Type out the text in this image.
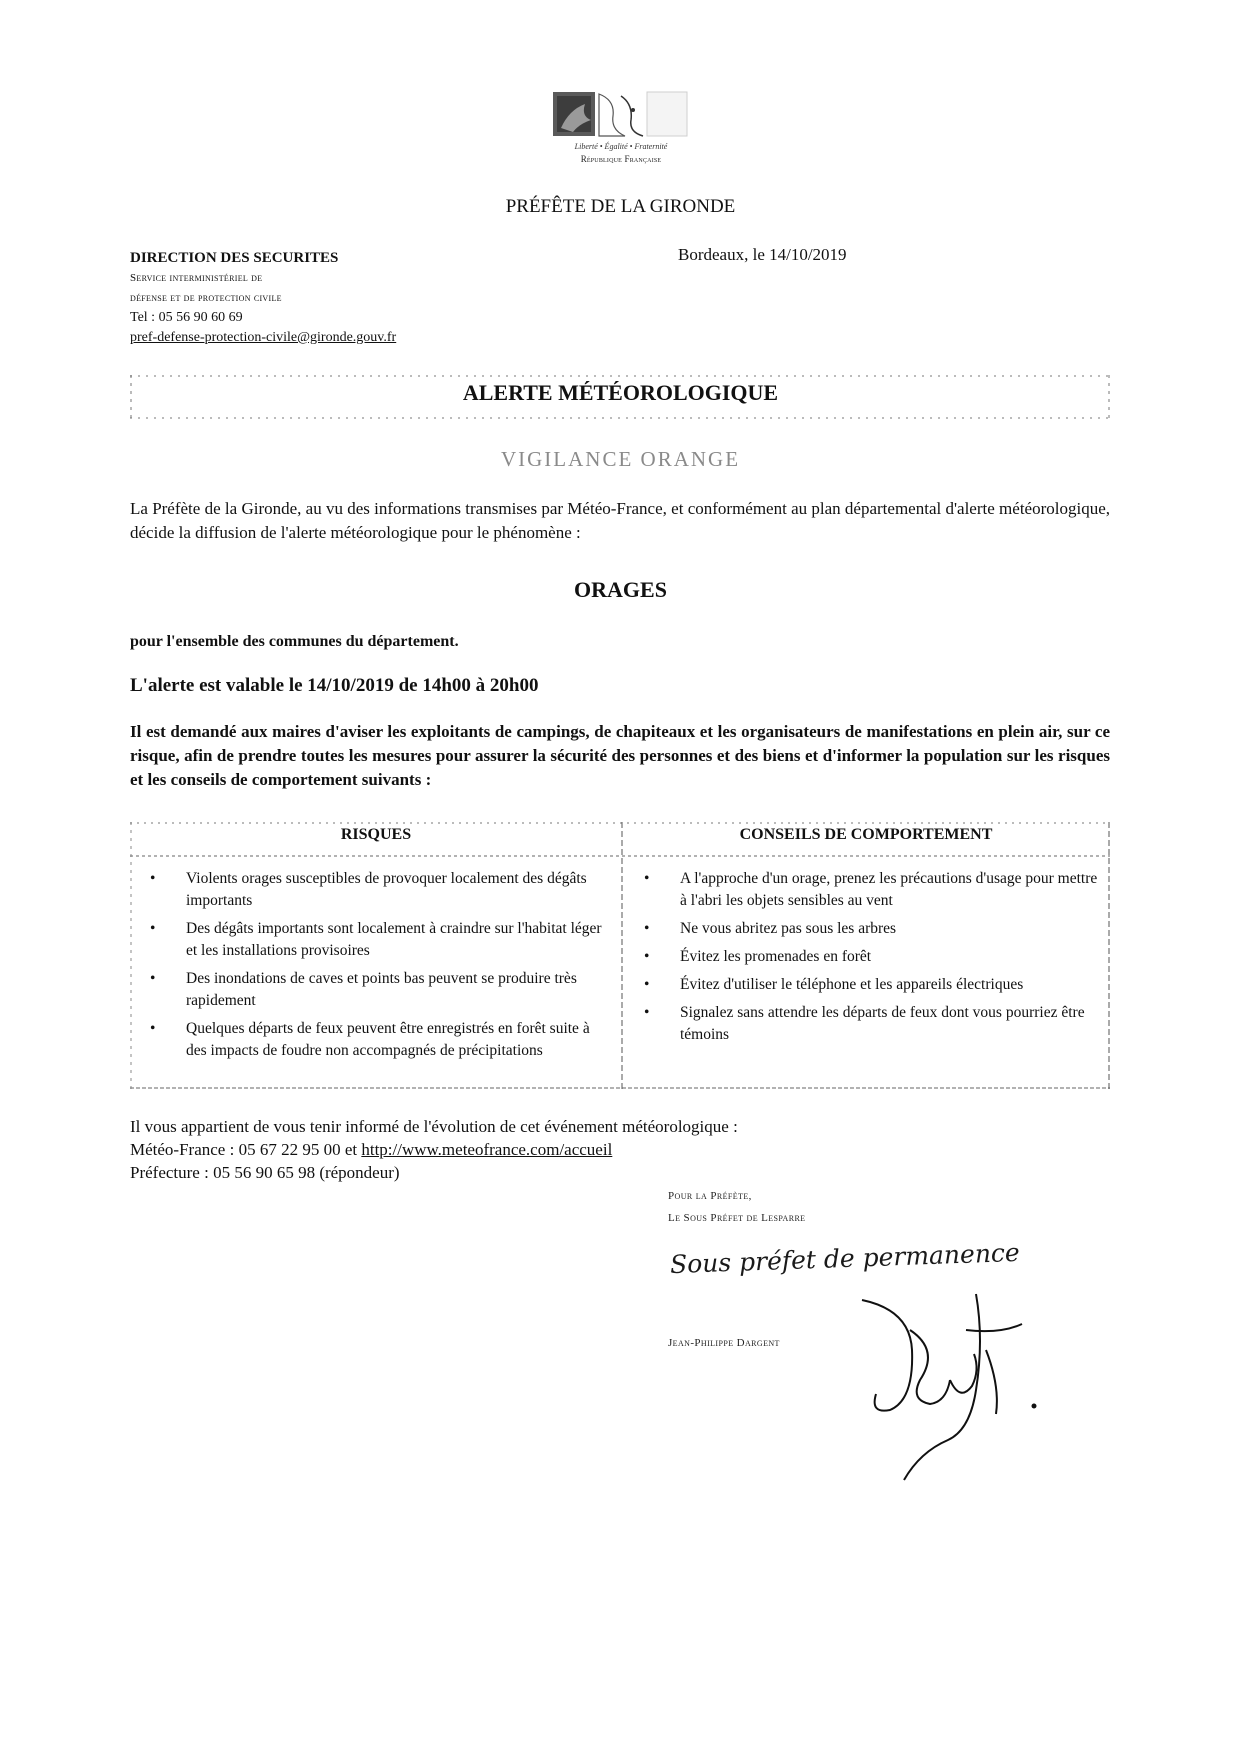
Liberté • Égalité • Fraternité
République Française
PRÉFÊTE DE LA GIRONDE
DIRECTION DES SECURITES
Service interministériel de
défense et de protection civile
Tel : 05 56 90 60 69
pref-defense-protection-civile@gironde.gouv.fr
Bordeaux, le 14/10/2019
ALERTE MÉTÉOROLOGIQUE
VIGILANCE ORANGE
La Préfète de la Gironde, au vu des informations transmises par Météo-France, et conformément au plan départemental d'alerte météorologique, décide la diffusion de l'alerte météorologique pour le phénomène :
ORAGES
pour l'ensemble des communes du département.
L'alerte est valable le 14/10/2019 de 14h00 à 20h00
Il est demandé aux maires d'aviser les exploitants de campings, de chapiteaux et les organisateurs de manifestations en plein air, sur ce risque, afin de prendre toutes les mesures pour assurer la sécurité des personnes et des biens et d'informer la population sur les risques et les conseils de comportement suivants :
RISQUES	CONSEILS DE COMPORTEMENT
• Violents orages susceptibles de provoquer localement des dégâts importants
• Des dégâts importants sont localement à craindre sur l'habitat léger et les installations provisoires
• Des inondations de caves et points bas peuvent se produire très rapidement
• Quelques départs de feux peuvent être enregistrés en forêt suite à des impacts de foudre non accompagnés de précipitations
• A l'approche d'un orage, prenez les précautions d'usage pour mettre à l'abri les objets sensibles au vent
• Ne vous abritez pas sous les arbres
• Évitez les promenades en forêt
• Évitez d'utiliser le téléphone et les appareils électriques
• Signalez sans attendre les départs de feux dont vous pourriez être témoins
Il vous appartient de vous tenir informé de l'évolution de cet événement météorologique :
Météo-France : 05 67 22 95 00 et http://www.meteofrance.com/accueil
Préfecture : 05 56 90 65 98 (répondeur)
Pour la Préfète,
Le Sous Préfet de Lesparre
Sous préfet de permanence
Jean-Philippe Dargent
